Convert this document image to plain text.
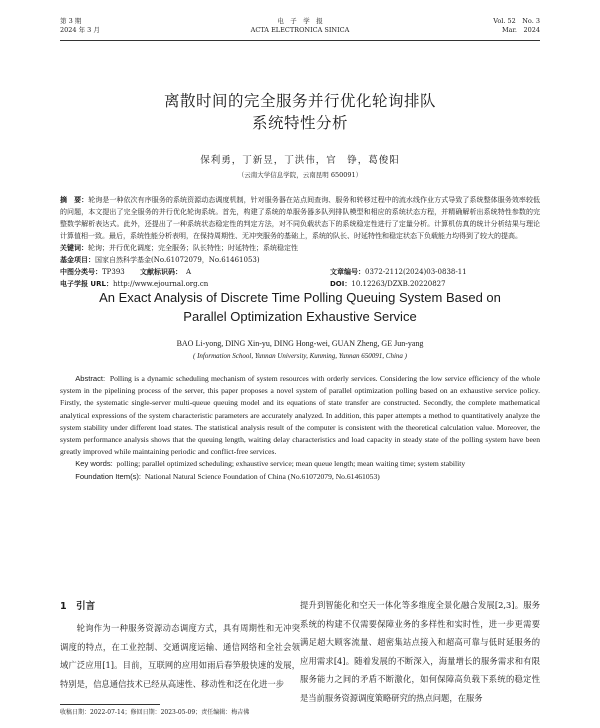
第 3 期
2024 年 3 月
电　子　学　报
ACTA ELECTRONICA SINICA
Vol. 52　No. 3
Mar.　2024
离散时间的完全服务并行优化轮询排队
系统特性分析
保利勇，丁新昱，丁洪伟，官　铮，葛俊阳
（云南大学信息学院，云南昆明 650091）
摘　要：轮询是一种依次有序服务的系统资源动态调度机制，针对服务器在站点间查询、服务和转移过程中的流水线作业方式导致了系统整体服务效率较低的问题，本文提出了完全服务的并行优化轮询系统。首先，构建了系统的单服务器多队列排队模型和相应的系统状态方程，并精确解析出系统特性参数的完整数学解析表达式。此外，还提出了一种系统状态稳定性的判定方法，对不同负载状态下的系统稳定性进行了定量分析。计算机仿真的统计分析结果与理论计算值相一致。最后，系统性能分析表明，在保持周期性、无冲突服务的基础上，系统的队长、时延特性和稳定状态下负载能力均得到了较大的提高。
关键词：轮询；并行优化调度；完全服务；队长特性；时延特性；系统稳定性
基金项目：国家自然科学基金(No.61072079，No.61461053)
中图分类号：TP393	文献标识码： A	文章编号：0372-2112(2024)03-0838-11
电子学报 URL：http://www.ejournal.org.cn	DOI：10.12263/DZXB.20220827
An Exact Analysis of Discrete Time Polling Queuing System Based on
Parallel Optimization Exhaustive Service
BAO Li-yong, DING Xin-yu, DING Hong-wei, GUAN Zheng, GE Jun-yang
( Information School, Yunnan University, Kunming, Yunnan 650091, China )
Abstract: Polling is a dynamic scheduling mechanism of system resources with orderly services. Considering the low service efficiency of the whole system in the pipelining process of the server, this paper proposes a novel system of parallel optimization polling based on an exhaustive service policy. Firstly, the systematic single-server multi-queue queuing model and its equations of state transfer are constructed. Secondly, the complete mathematical analytical expressions of the system characteristic parameters are accurately analyzed. In addition, this paper attempts a method to quantitatively analyze the system stability under different load states. The statistical analysis result of the computer is consistent with the theoretical calculation value. Moreover, the system performance analysis shows that the queuing length, waiting delay characteristics and load capacity in steady state of the polling system have been greatly improved while maintaining periodic and conflict-free services.
Key words: polling; parallel optimized scheduling; exhaustive service; mean queue length; mean waiting time; system stability
Foundation Item(s): National Natural Science Foundation of China (No.61072079, No.61461053)
1　引言
轮询作为一种服务资源动态调度方式，具有周期性和无冲突调度的特点，在工业控制、交通调度运输、通信网络和全社会领域广泛应用[1]。目前，互联网的应用如雨后春笋般快速的发展，特别是，信息通信技术已经从高速性、移动性和泛在化进一步
提升到智能化和空天一体化等多维度全景化融合发展[2,3]。服务系统的构建不仅需要保障业务的多样性和实时性，进一步更需要满足超大顾客流量、超密集站点接入和超高可靠与低时延服务的应用需求[4]。随着发展的不断深入，海量增长的服务需求和有限服务能力之间的矛盾不断激化，如何保障高负载下系统的稳定性是当前服务资源调度策略研究的热点问题，在服务
收稿日期：2022-07-14；修回日期：2023-05-09；责任编辑：梅吉佛
